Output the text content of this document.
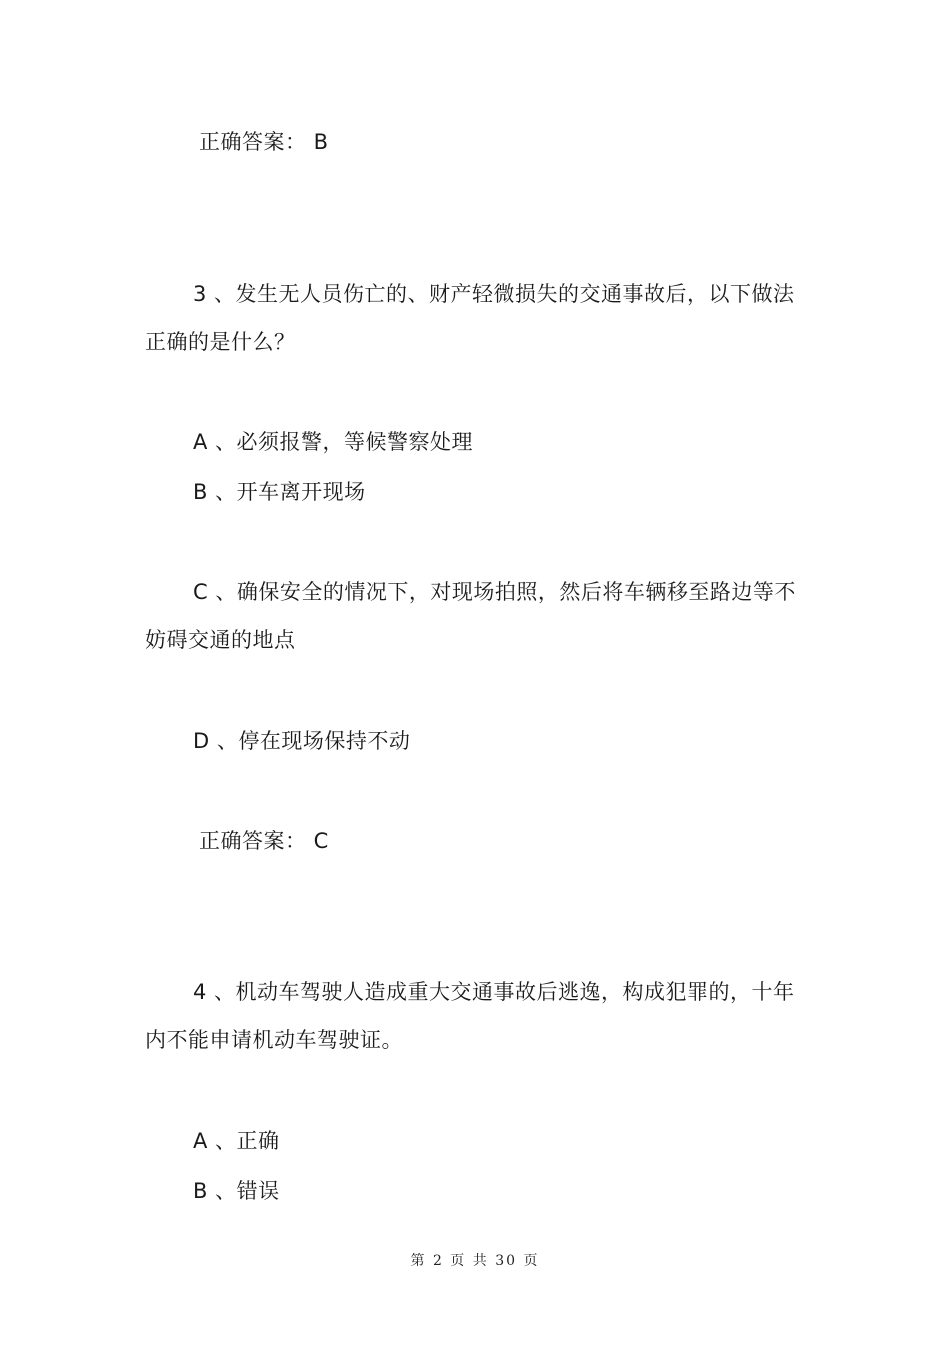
正确答案： B
3 、发生无人员伤亡的、财产轻微损失的交通事故后，以下做法
正确的是什么？
A 、必须报警，等候警察处理
B 、开车离开现场
C 、确保安全的情况下，对现场拍照，然后将车辆移至路边等不
妨碍交通的地点
D 、停在现场保持不动
正确答案： C
4 、机动车驾驶人造成重大交通事故后逃逸，构成犯罪的，十年
内不能申请机动车驾驶证。
A 、正确
B 、错误
第 2 页 共 30 页
